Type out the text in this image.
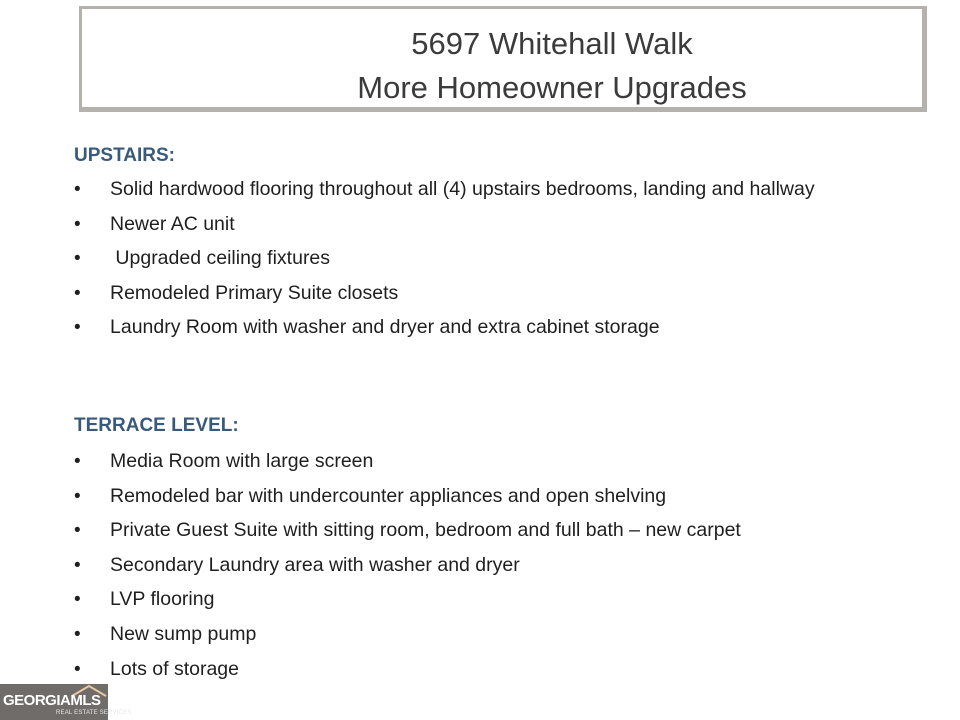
5697 Whitehall Walk
More Homeowner Upgrades
UPSTAIRS:
• Solid hardwood flooring throughout all (4) upstairs bedrooms, landing and hallway
• Newer AC unit
• Upgraded ceiling fixtures
• Remodeled Primary Suite closets
• Laundry Room with washer and dryer and extra cabinet storage
TERRACE LEVEL:
• Media Room with large screen
• Remodeled bar with undercounter appliances and open shelving
• Private Guest Suite with sitting room, bedroom and full bath – new carpet
• Secondary Laundry area with washer and dryer
• LVP flooring
• New sump pump
• Lots of storage
GEORGIAMLS
REAL ESTATE SERVICES
